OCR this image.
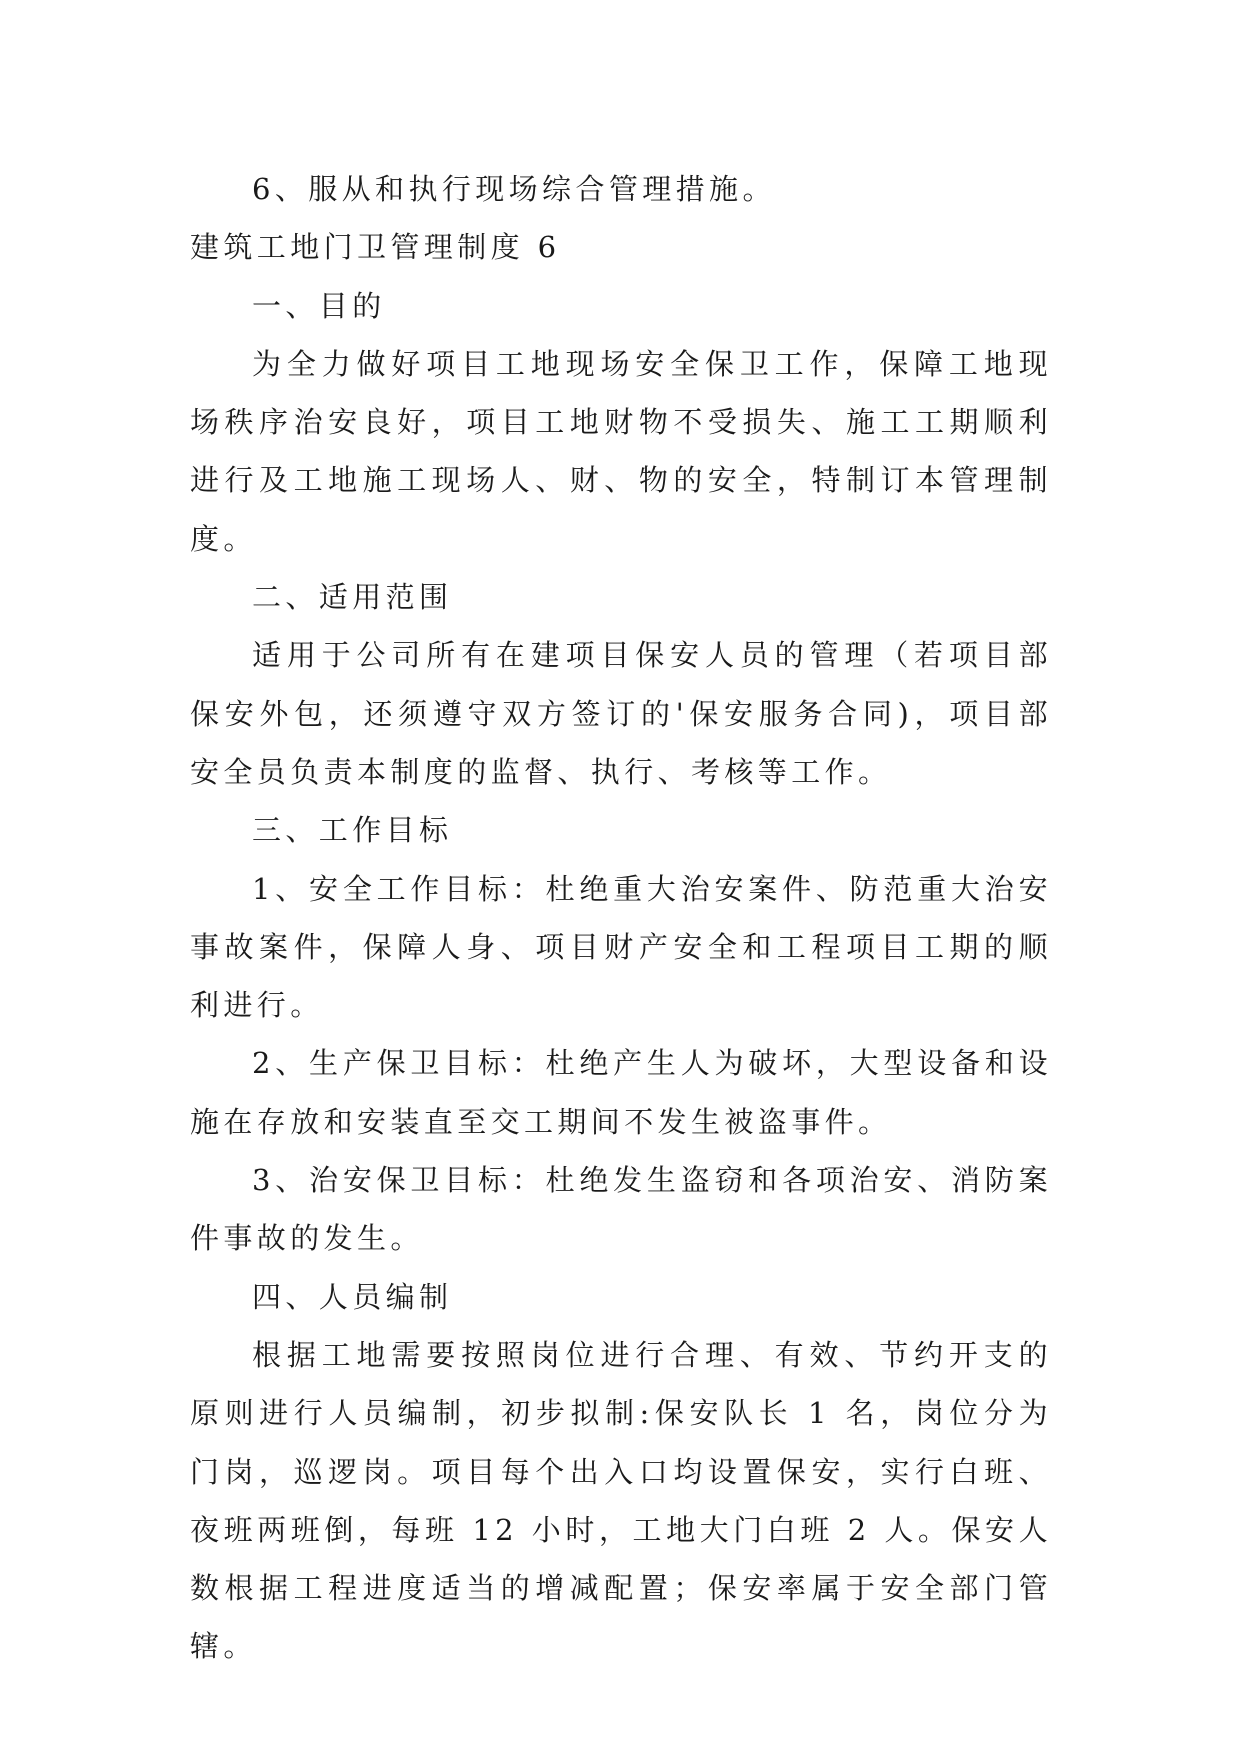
6、服从和执行现场综合管理措施。

建筑工地门卫管理制度 6

一、目的

为全力做好项目工地现场安全保卫工作，保障工地现场秩序治安良好，项目工地财物不受损失、施工工期顺利进行及工地施工现场人、财、物的安全，特制订本管理制度。

二、适用范围

适用于公司所有在建项目保安人员的管理（若项目部保安外包，还须遵守双方签订的'保安服务合同)，项目部安全员负责本制度的监督、执行、考核等工作。

三、工作目标

1、安全工作目标：杜绝重大治安案件、防范重大治安事故案件，保障人身、项目财产安全和工程项目工期的顺利进行。

2、生产保卫目标：杜绝产生人为破坏，大型设备和设施在存放和安装直至交工期间不发生被盗事件。

3、治安保卫目标：杜绝发生盗窃和各项治安、消防案件事故的发生。

四、人员编制

根据工地需要按照岗位进行合理、有效、节约开支的原则进行人员编制，初步拟制:保安队长 1 名，岗位分为门岗，巡逻岗。项目每个出入口均设置保安，实行白班、夜班两班倒，每班 12 小时，工地大门白班 2 人。保安人数根据工程进度适当的增减配置；保安率属于安全部门管辖。
